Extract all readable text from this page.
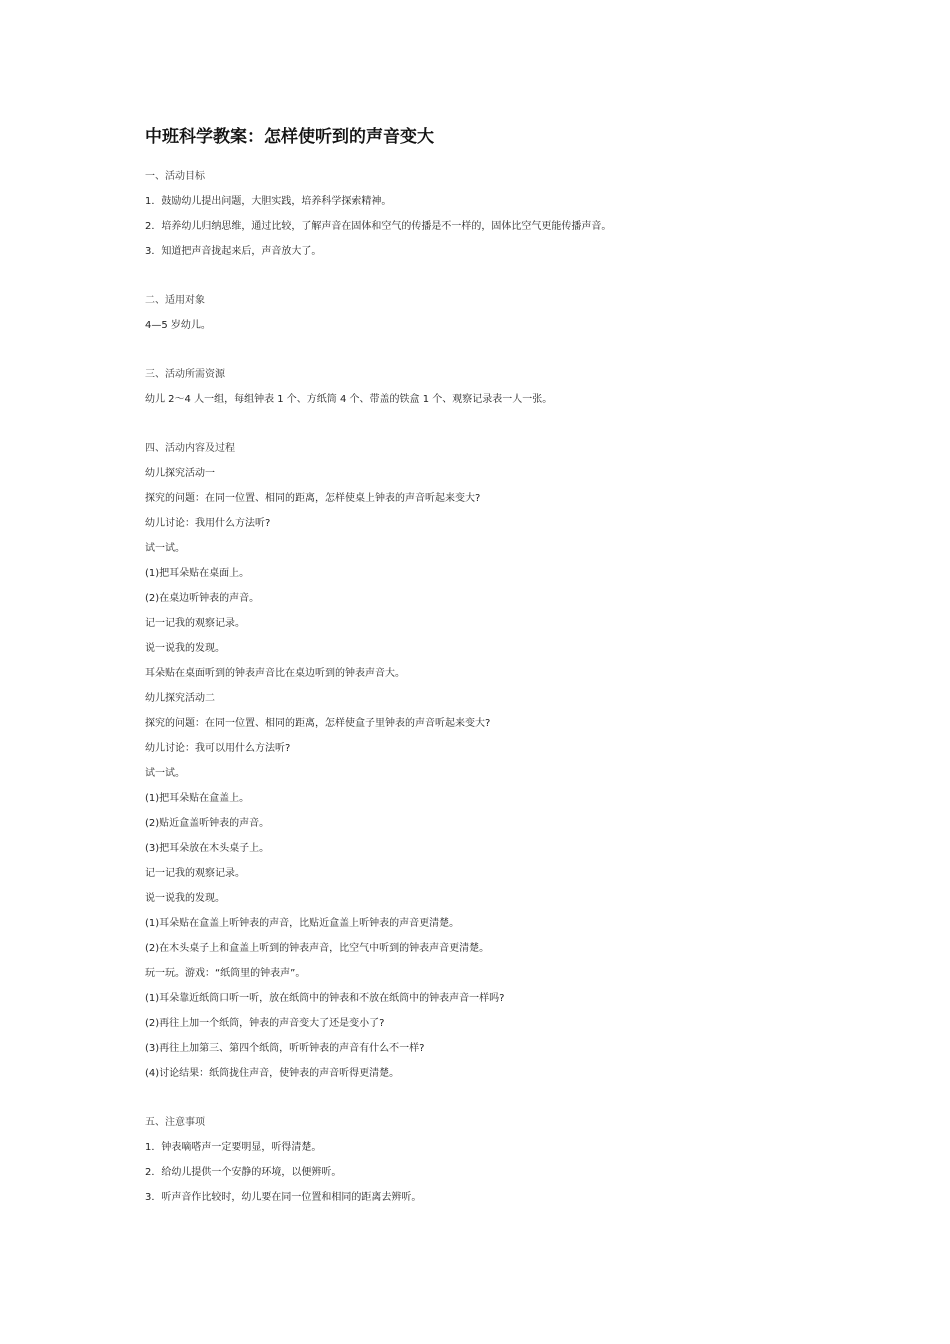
中班科学教案：怎样使听到的声音变大
一、活动目标
1．鼓励幼儿提出问题，大胆实践，培养科学探索精神。
2．培养幼儿归纳思维，通过比较，了解声音在固体和空气的传播是不一样的，固体比空气更能传播声音。
3．知道把声音拢起来后，声音放大了。
二、适用对象
4—5 岁幼儿。
三、活动所需资源
幼儿 2～4 人一组，每组钟表 1 个、方纸筒 4 个、带盖的铁盒 1 个、观察记录表一人一张。
四、活动内容及过程
幼儿探究活动一
探究的问题：在同一位置、相同的距离，怎样使桌上钟表的声音听起来变大?
幼儿讨论：我用什么方法听?
试一试。
(1)把耳朵贴在桌面上。
(2)在桌边听钟表的声音。
记一记我的观察记录。
说一说我的发现。
耳朵贴在桌面听到的钟表声音比在桌边听到的钟表声音大。
幼儿探究活动二
探究的问题：在同一位置、相同的距离，怎样使盒子里钟表的声音听起来变大?
幼儿讨论：我可以用什么方法听?
试一试。
(1)把耳朵贴在盒盖上。
(2)贴近盒盖听钟表的声音。
(3)把耳朵放在木头桌子上。
记一记我的观察记录。
说一说我的发现。
(1)耳朵贴在盒盖上听钟表的声音，比贴近盒盖上听钟表的声音更清楚。
(2)在木头桌子上和盒盖上听到的钟表声音，比空气中听到的钟表声音更清楚。
玩一玩。游戏：“纸筒里的钟表声”。
(1)耳朵靠近纸筒口听一听，放在纸筒中的钟表和不放在纸筒中的钟表声音一样吗?
(2)再往上加一个纸筒，钟表的声音变大了还是变小了?
(3)再往上加第三、第四个纸筒，听听钟表的声音有什么不一样?
(4)讨论结果：纸筒拢住声音，使钟表的声音听得更清楚。
五、注意事项
1．钟表嘀嗒声一定要明显，听得清楚。
2．给幼儿提供一个安静的环境，以便辨听。
3．听声音作比较时，幼儿要在同一位置和相同的距离去辨听。
